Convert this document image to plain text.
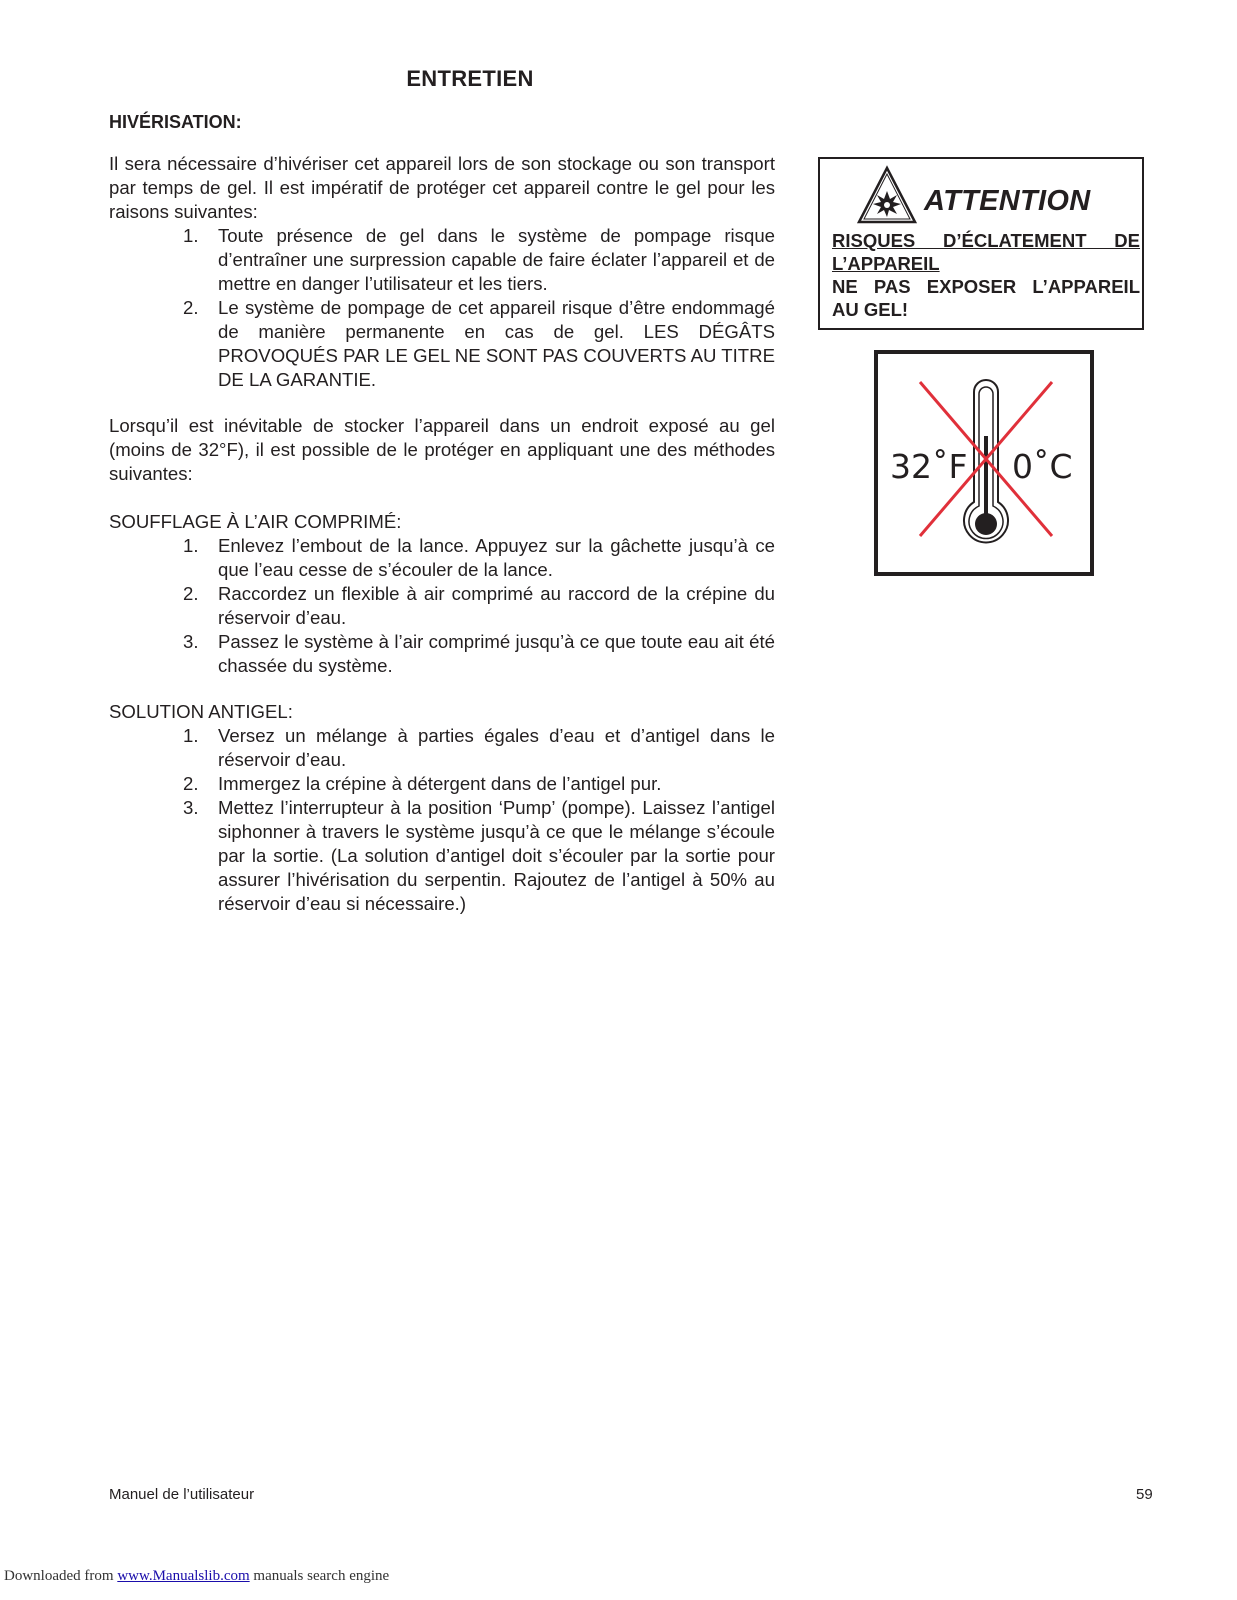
ENTRETIEN
HIVÉRISATION:

Il sera nécessaire d’hivériser cet appareil lors de son stockage ou son transport par temps de gel. Il est impératif de protéger cet appareil contre le gel pour les raisons suivantes:

1. Toute présence de gel dans le système de pompage risque d’entraîner une surpression capable de faire éclater l’appareil et de mettre en danger l’utilisateur et les tiers.
2. Le système de pompage de cet appareil risque d’être endommagé de manière permanente en cas de gel. LES DÉGÂTS PROVOQUÉS PAR LE GEL NE SONT PAS COUVERTS AU TITRE DE LA GARANTIE.

Lorsqu’il est inévitable de stocker l’appareil dans un endroit exposé au gel (moins de 32°F), il est possible de le protéger en appliquant une des méthodes suivantes:

SOUFFLAGE À L’AIR COMPRIMÉ:

1. Enlevez l’embout de la lance. Appuyez sur la gâchette jusqu’à ce que l’eau cesse de s’écouler de la lance.
2. Raccordez un flexible à air comprimé au raccord de la crépine du réservoir d’eau.
3. Passez le système à l’air comprimé jusqu’à ce que toute eau ait été chassée du système.

SOLUTION ANTIGEL:

1. Versez un mélange à parties égales d’eau et d’antigel dans le réservoir d’eau.
2. Immergez la crépine à détergent dans de l’antigel pur.
3. Mettez l’interrupteur à la position ‘Pump’ (pompe). Laissez l’antigel siphonner à travers le système jusqu’à ce que le mélange s’écoule par la sortie. (La solution d’antigel doit s’écouler par la sortie pour assurer l’hivérisation du serpentin. Rajoutez de l’antigel à 50% au réservoir d’eau si nécessaire.)
ATTENTION
RISQUES D’ÉCLATEMENT DE
L’APPAREIL
NE PAS EXPOSER L’APPAREIL
AU GEL!
32˚F 0˚C
Manuel de l’utilisateur	59
Downloaded from www.Manualslib.com manuals search engine
